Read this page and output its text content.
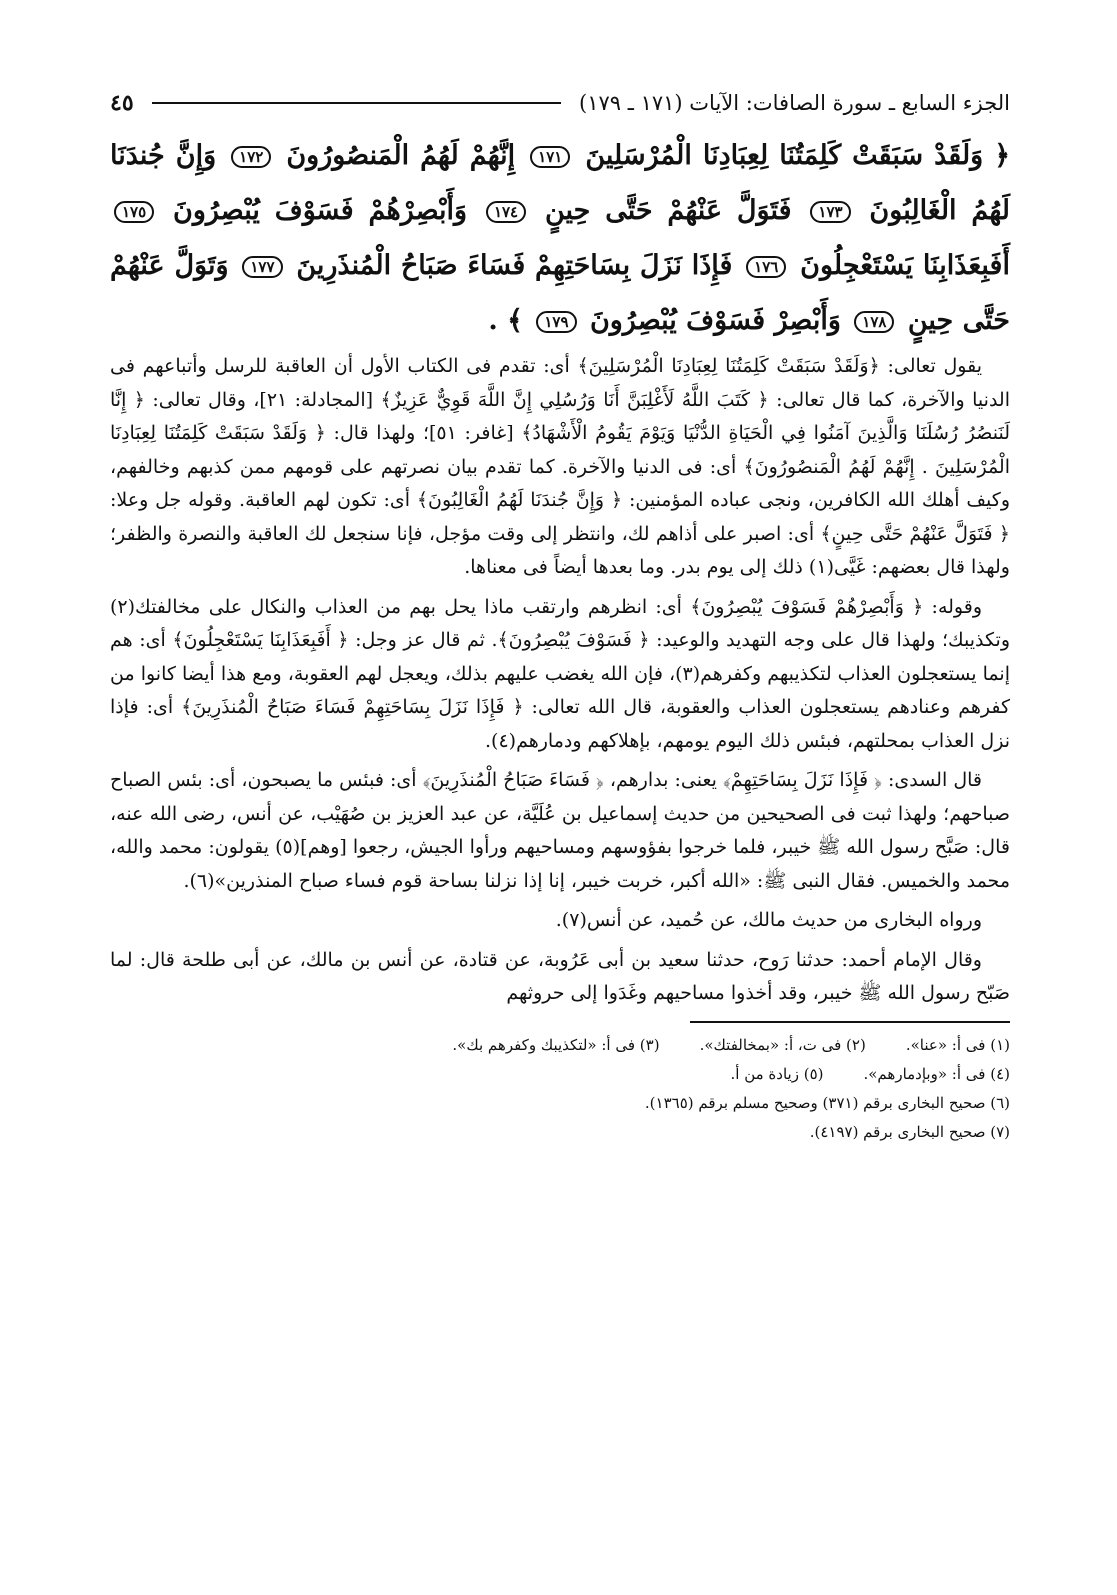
الجزء السابع ـ سورة الصافات: الآيات (١٧١ ـ ١٧٩)
٤٥
﴿ وَلَقَدْ سَبَقَتْ كَلِمَتُنَا لِعِبَادِنَا الْمُرْسَلِينَ ١٧١ إِنَّهُمْ لَهُمُ الْمَنصُورُونَ ١٧٢ وَإِنَّ جُندَنَا لَهُمُ الْغَالِبُونَ ١٧٣ فَتَوَلَّ عَنْهُمْ حَتَّى حِينٍ ١٧٤ وَأَبْصِرْهُمْ فَسَوْفَ يُبْصِرُونَ ١٧٥ أَفَبِعَذَابِنَا يَسْتَعْجِلُونَ ١٧٦ فَإِذَا نَزَلَ بِسَاحَتِهِمْ فَسَاءَ صَبَاحُ الْمُنذَرِينَ ١٧٧ وَتَوَلَّ عَنْهُمْ حَتَّى حِينٍ ١٧٨ وَأَبْصِرْ فَسَوْفَ يُبْصِرُونَ ١٧٩ ﴾ .

يقول تعالى: ﴿وَلَقَدْ سَبَقَتْ كَلِمَتُنَا لِعِبَادِنَا الْمُرْسَلِينَ﴾ أى: تقدم فى الكتاب الأول أن العاقبة للرسل وأتباعهم فى الدنيا والآخرة، كما قال تعالى: ﴿ كَتَبَ اللَّهُ لَأَغْلِبَنَّ أَنَا وَرُسُلِي إِنَّ اللَّهَ قَوِيٌّ عَزِيزٌ﴾ [المجادلة: ٢١]، وقال تعالى: ﴿ إِنَّا لَنَنصُرُ رُسُلَنَا وَالَّذِينَ آمَنُوا فِي الْحَيَاةِ الدُّنْيَا وَيَوْمَ يَقُومُ الْأَشْهَادُ﴾ [غافر: ٥١]؛ ولهذا قال: ﴿ وَلَقَدْ سَبَقَتْ كَلِمَتُنَا لِعِبَادِنَا الْمُرْسَلِينَ . إِنَّهُمْ لَهُمُ الْمَنصُورُونَ﴾ أى: فى الدنيا والآخرة. كما تقدم بيان نصرتهم على قومهم ممن كذبهم وخالفهم، وكيف أهلك الله الكافرين، ونجى عباده المؤمنين: ﴿ وَإِنَّ جُندَنَا لَهُمُ الْغَالِبُونَ﴾ أى: تكون لهم العاقبة. وقوله جل وعلا: ﴿ فَتَوَلَّ عَنْهُمْ حَتَّى حِينٍ﴾ أى: اصبر على أذاهم لك، وانتظر إلى وقت مؤجل، فإنا سنجعل لك العاقبة والنصرة والظفر؛ ولهذا قال بعضهم: غَيَّى(١) ذلك إلى يوم بدر. وما بعدها أيضاً فى معناها.

وقوله: ﴿ وَأَبْصِرْهُمْ فَسَوْفَ يُبْصِرُونَ﴾ أى: انظرهم وارتقب ماذا يحل بهم من العذاب والنكال على مخالفتك(٢) وتكذيبك؛ ولهذا قال على وجه التهديد والوعيد: ﴿ فَسَوْفَ يُبْصِرُونَ﴾. ثم قال عز وجل: ﴿ أَفَبِعَذَابِنَا يَسْتَعْجِلُونَ﴾ أى: هم إنما يستعجلون العذاب لتكذيبهم وكفرهم(٣)، فإن الله يغضب عليهم بذلك، ويعجل لهم العقوبة، ومع هذا أيضا كانوا من كفرهم وعنادهم يستعجلون العذاب والعقوبة، قال الله تعالى: ﴿ فَإِذَا نَزَلَ بِسَاحَتِهِمْ فَسَاءَ صَبَاحُ الْمُنذَرِينَ﴾ أى: فإذا نزل العذاب بمحلتهم، فبئس ذلك اليوم يومهم، بإهلاكهم ودمارهم(٤).

قال السدى: ﴿ فَإِذَا نَزَلَ بِسَاحَتِهِمْ﴾ يعنى: بدارهم، ﴿ فَسَاءَ صَبَاحُ الْمُنذَرِينَ﴾ أى: فبئس ما يصبحون، أى: بئس الصباح صباحهم؛ ولهذا ثبت فى الصحيحين من حديث إسماعيل بن عُلَيَّة، عن عبد العزيز بن صُهَيْب، عن أنس، رضى الله عنه، قال: صَبَّح رسول الله ﷺ خيبر، فلما خرجوا بفؤوسهم ومساحيهم ورأوا الجيش، رجعوا [وهم](٥) يقولون: محمد والله، محمد والخميس. فقال النبى ﷺ: «الله أكبر، خربت خيبر، إنا إذا نزلنا بساحة قوم فساء صباح المنذرين»(٦).

ورواه البخارى من حديث مالك، عن حُميد، عن أنس(٧).

وقال الإمام أحمد: حدثنا رَوح، حدثنا سعيد بن أبى عَرُوبة، عن قتادة، عن أنس بن مالك، عن أبى طلحة قال: لما صَبّح رسول الله ﷺ خيبر، وقد أخذوا مساحيهم وغَدَوا إلى حروثهم

(١) فى أ: «عنا».
(٢) فى ت، أ: «بمخالفتك».
(٣) فى أ: «لتكذيبك وكفرهم بك».
(٤) فى أ: «وبإدمارهم».
(٥) زيادة من أ.
(٦) صحيح البخارى برقم (٣٧١) وصحيح مسلم برقم (١٣٦٥).
(٧) صحيح البخارى برقم (٤١٩٧).
